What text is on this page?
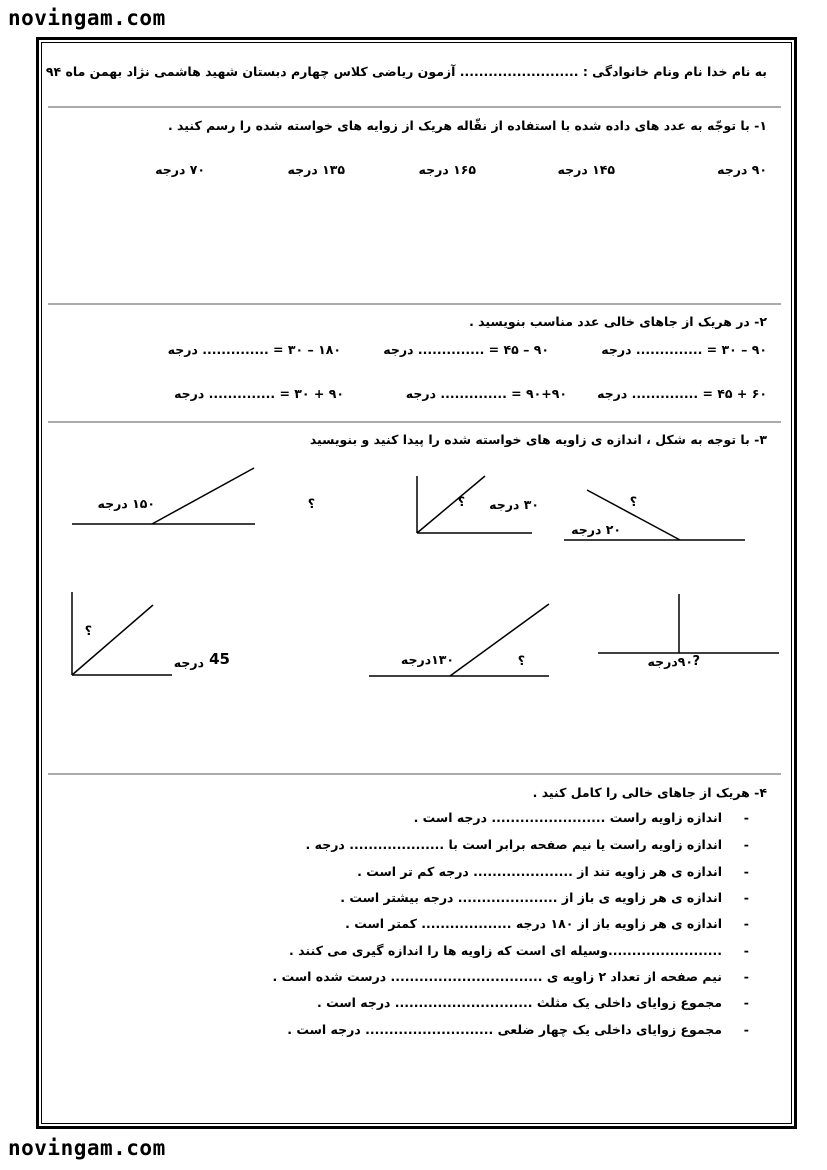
novingam.com
novingam.com
به نام خدا نام ونام خانوادگی : ......................... آزمون ریاضی کلاس چهارم دبستان شهید هاشمی نژاد بهمن ماه ۹۴
۱- با توجّه به عدد های داده شده با استفاده از نقّاله هریک از زوایه های خواسته شده را رسم کنید .
۹۰ درجه
۱۴۵ درجه
۱۶۵ درجه
۱۳۵ درجه
۷۰ درجه
۲- در هریک از جاهای خالی عدد مناسب بنویسید .
۹۰ – ۳۰ = .............. درجه
۹۰ – ۴۵ = .............. درجه
۱۸۰ – ۳۰ = .............. درجه
۶۰ + ۴۵ = .............. درجه
۹۰+۹۰ = .............. درجه
۹۰ + ۳۰ = .............. درجه
۳- با توجه به شکل ، اندازه ی زاویه های خواسته شده را پیدا کنید و بنویسید
۱۵۰ درجه	؟	؟ ۳۰ درجه	؟
۲۰ درجه
؟
درجه 45	۱۳۰درجه	؟	۹۰درجه ?
۴- هریک از جاهای خالی را کامل کنید .
-
اندازه زاویه راست ........................ درجه است .
-
اندازه زاویه راست یا نیم صفحه برابر است با .................... درجه .
-
اندازه ی هر زاویه تند از ..................... درجه کم تر است .
-
اندازه ی هر زاویه ی باز از ..................... درجه بیشتر است .
-
اندازه ی هر زاویه باز از ۱۸۰ درجه ................... کمتر است .
-
........................وسیله ای است که زاویه ها را اندازه گیری می کنند .
-
نیم صفحه از تعداد ۲ زاویه ی ................................ درست شده است .
-
مجموع زوایای داخلی یک مثلث ............................. درجه است .
-
مجموع زوایای داخلی یک چهار ضلعی ........................... درجه است .
